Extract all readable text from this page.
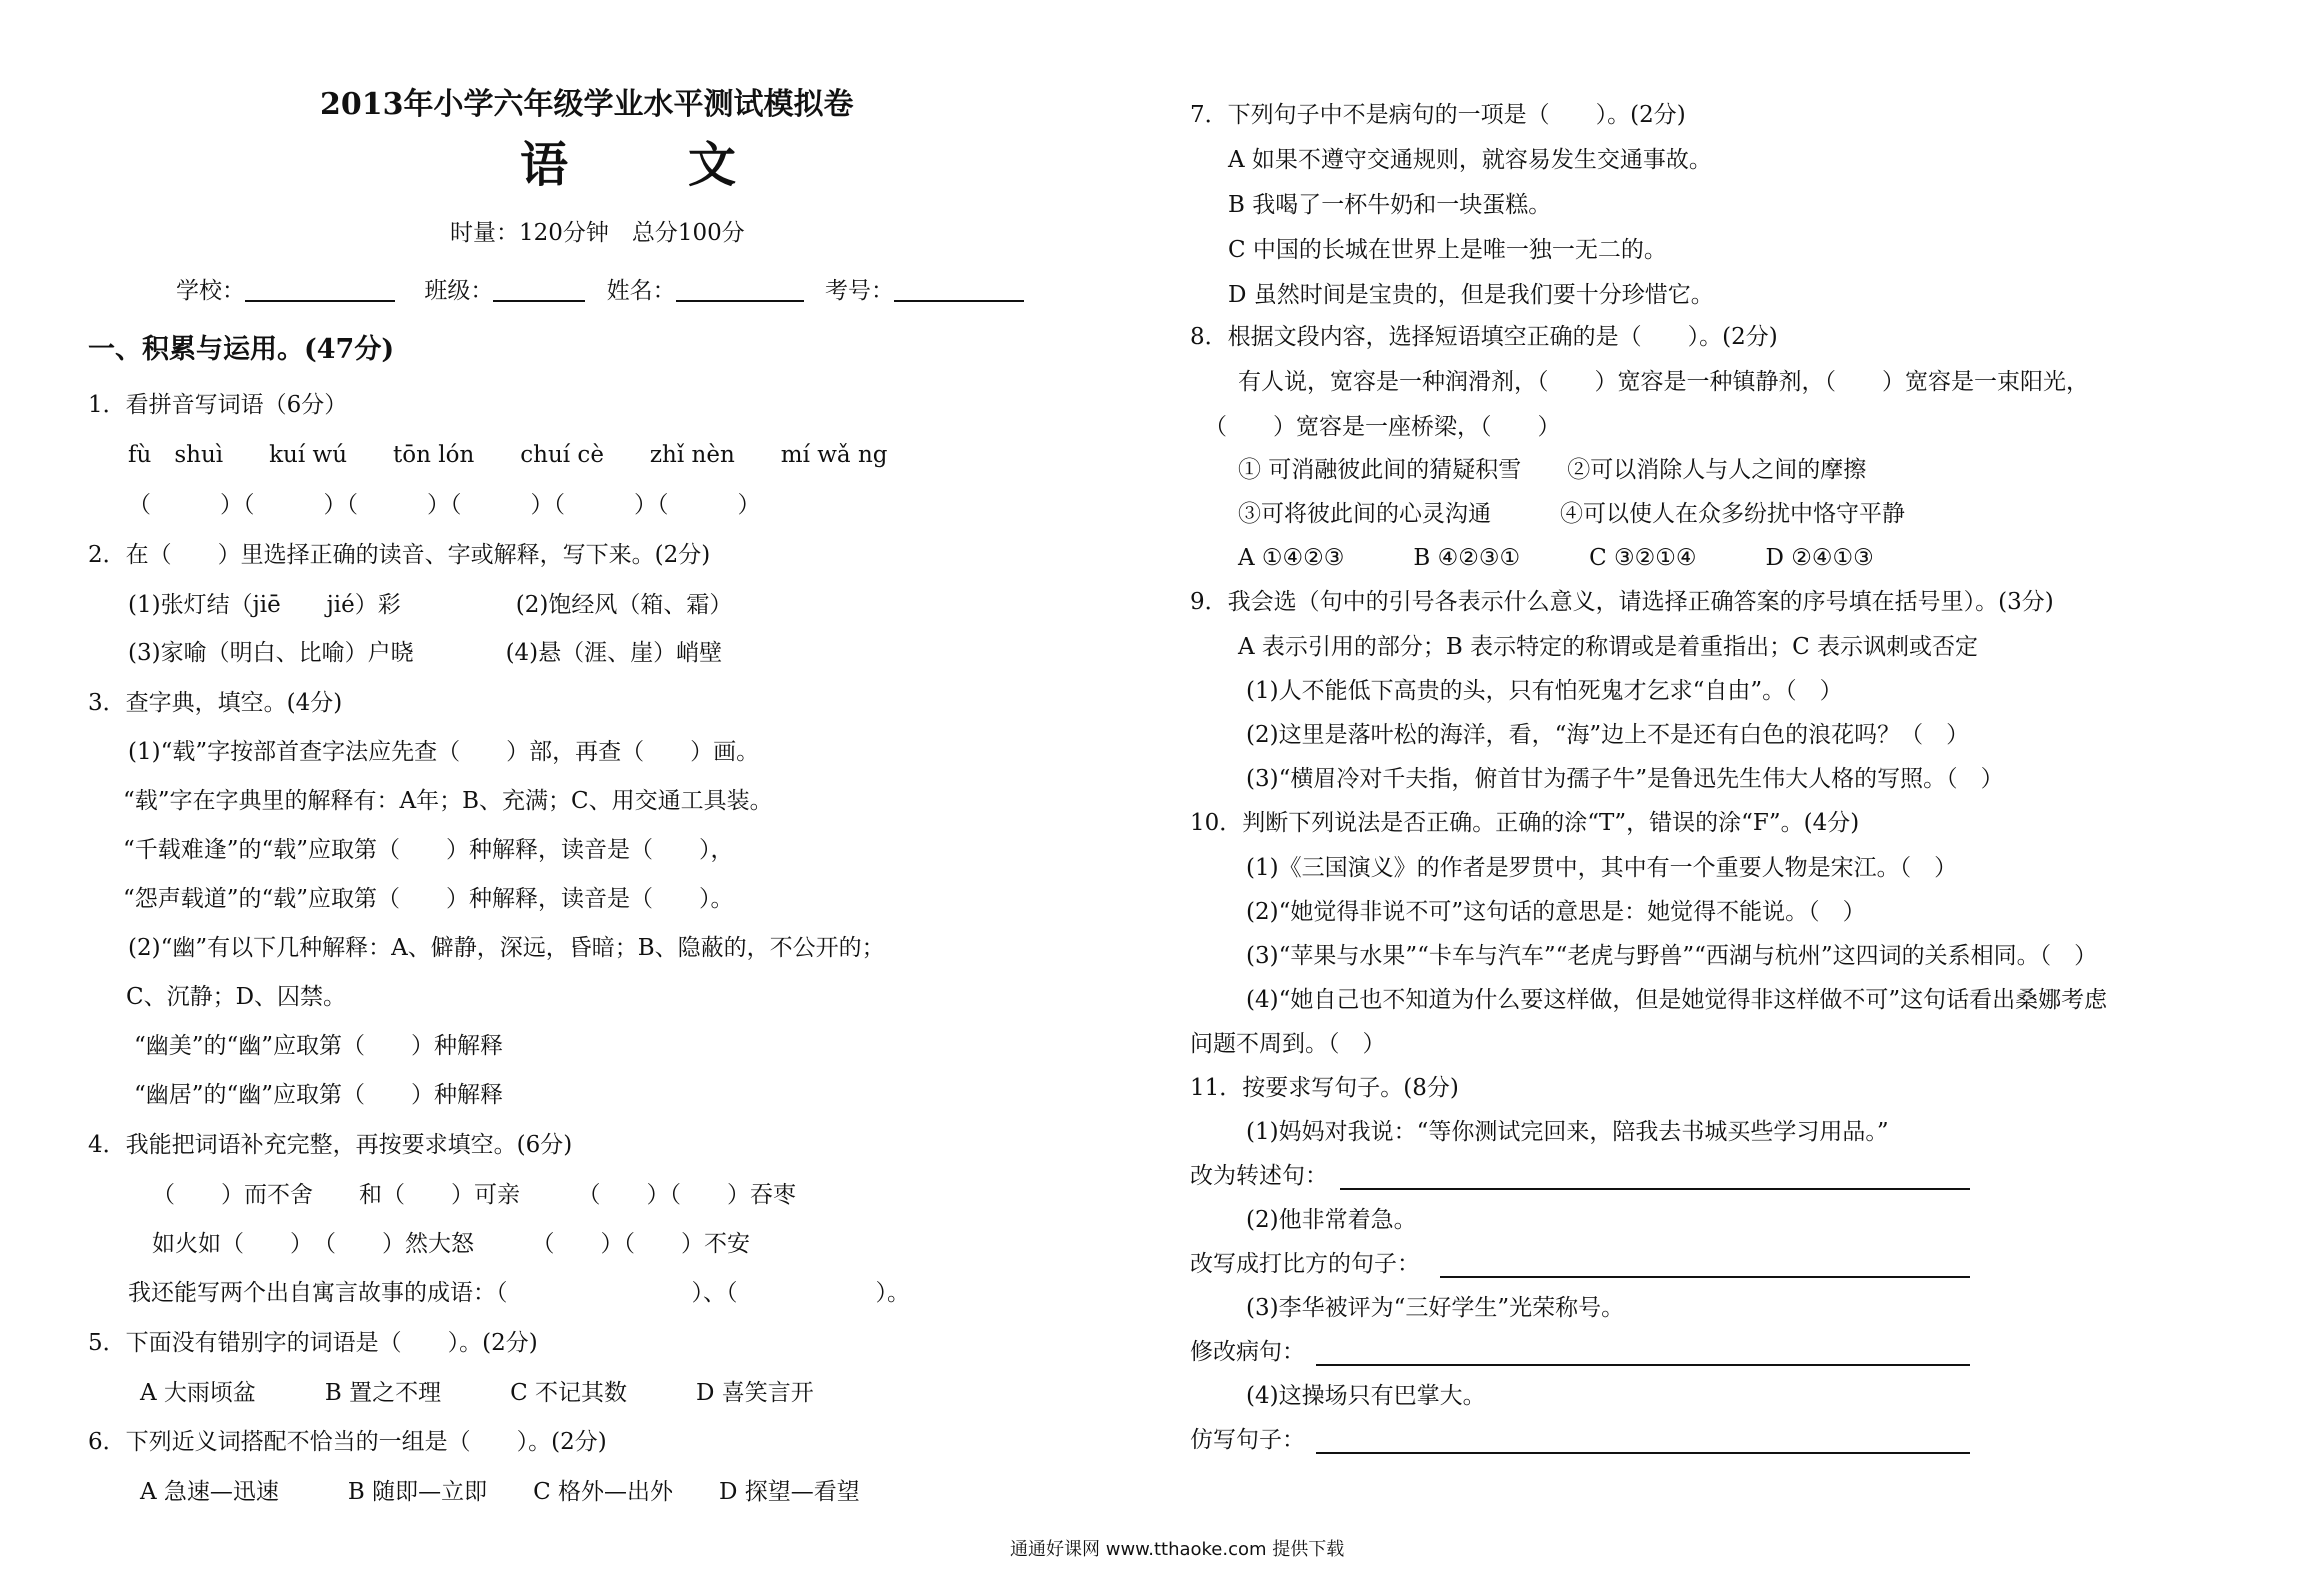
2013年小学六年级学业水平测试模拟卷
语文
时量：120分钟　总分100分
学校：	班级：	姓名：	考号：
一、积累与运用。(47分)
1．看拼音写词语（6分）
fù　shuì　　kuí wú　　tōn lón　　chuí cè　　zhǐ nèn　　mí wǎ ng
（　　　）（　　　）（　　　）（　　　）（　　　）（　　　）
2．在（　　）里选择正确的读音、字或解释，写下来。(2分)
(1)张灯结（jiē　　jié）彩　　　　　(2)饱经风（箱、霜）
(3)家喻（明白、比喻）户晓　　　　(4)悬（涯、崖）峭壁
3．查字典，填空。(4分)
(1)“载”字按部首查字法应先查（　　）部，再查（　　）画。
“载”字在字典里的解释有：A年；B、充满；C、用交通工具装。
“千载难逢”的“载”应取第（　　）种解释，读音是（　　），
“怨声载道”的“载”应取第（　　）种解释，读音是（　　）。
(2)“幽”有以下几种解释：A、僻静，深远，昏暗；B、隐蔽的，不公开的；
C、沉静；D、囚禁。
“幽美”的“幽”应取第（　　）种解释
“幽居”的“幽”应取第（　　）种解释
4．我能把词语补充完整，再按要求填空。(6分)
（　　）而不舍　　和（　　）可亲　　　（　　）（　　）吞枣
如火如（　　）　（　　）然大怒　　　（　　）（　　）不安
我还能写两个出自寓言故事的成语：（　　　　　　　　）、（　　　　　　）。
5．下面没有错别字的词语是（　　）。(2分)
A 大雨顷盆　　　B 置之不理　　　C 不记其数　　　D 喜笑言开
6．下列近义词搭配不恰当的一组是（　　）。(2分)
A 急速—迅速　　　B 随即—立即　　C 格外—出外　　D 探望—看望
7．下列句子中不是病句的一项是（　　）。(2分)
A 如果不遵守交通规则，就容易发生交通事故。
B 我喝了一杯牛奶和一块蛋糕。
C 中国的长城在世界上是唯一独一无二的。
D 虽然时间是宝贵的，但是我们要十分珍惜它。
8．根据文段内容，选择短语填空正确的是（　　）。(2分)
有人说，宽容是一种润滑剂，（　　）宽容是一种镇静剂，（　　）宽容是一束阳光，
（　　）宽容是一座桥梁，（　　）
① 可消融彼此间的猜疑积雪　　②可以消除人与人之间的摩擦
③可将彼此间的心灵沟通　　　④可以使人在众多纷扰中恪守平静
A ①④②③　　　B ④②③①　　　C ③②①④　　　D ②④①③
9．我会选（句中的引号各表示什么意义，请选择正确答案的序号填在括号里）。(3分)
A 表示引用的部分；B 表示特定的称谓或是着重指出；C 表示讽刺或否定
(1)人不能低下高贵的头，只有怕死鬼才乞求“自由”。（　）
(2)这里是落叶松的海洋，看，“海”边上不是还有白色的浪花吗？（　）
(3)“横眉冷对千夫指，俯首甘为孺子牛”是鲁迅先生伟大人格的写照。（　）
10．判断下列说法是否正确。正确的涂“T”，错误的涂“F”。(4分)
(1)《三国演义》的作者是罗贯中，其中有一个重要人物是宋江。（　）
(2)“她觉得非说不可”这句话的意思是：她觉得不能说。（　）
(3)“苹果与水果”“卡车与汽车”“老虎与野兽”“西湖与杭州”这四词的关系相同。（　）
(4)“她自己也不知道为什么要这样做，但是她觉得非这样做不可”这句话看出桑娜考虑
问题不周到。（　）
11．按要求写句子。(8分)
(1)妈妈对我说：“等你测试完回来，陪我去书城买些学习用品。”
改为转述句：
(2)他非常着急。
改写成打比方的句子：
(3)李华被评为“三好学生”光荣称号。
修改病句：
(4)这操场只有巴掌大。
仿写句子：
通通好课网 www.tthaoke.com 提供下载
